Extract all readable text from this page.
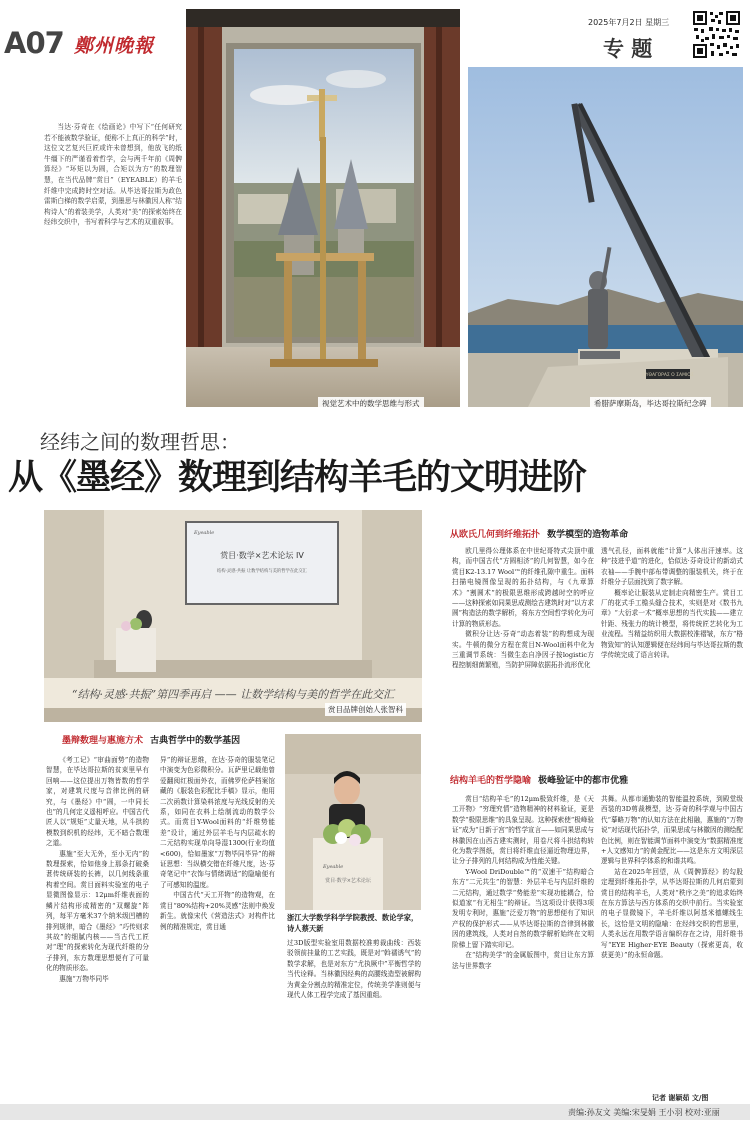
A07 鄭州晚報
2025年7月2日 星期三
专 题
当达·芬奇在《绘画论》中写下“任何研究若不能被数学验证，便称不上真正的科学”时，这位文艺复兴巨匠或许未曾想到，他放飞的纸牛缰下的严谨看着哲学，会与两千年前《周髀算经》“环矩以为圆，合矩以为方”的数理智慧，在当代品牌“赏目”（EYEABLE）的羊毛纤维中完成跨时空对话。从毕达哥拉斯为政色雷斯白梯的数学启蒙，到墨思与林徽因人称“结构诗人”的着装美学，人类对“美”的探索始终在经纬交织中，书写着科学与艺术的双重叙事。
视觉艺术中的数学思维与形式
ΠΥΘΑΓΟΡΑΣ Ο ΣΑΜΙΟΣ
希腊萨摩斯岛，毕达哥拉斯纪念碑
经纬之间的数理哲思：
从《墨经》数理到结构羊毛的文明进阶
Eyeable
赏目·数学×艺术论坛 IV
结构·灵感·共振 让数学结构与美的哲学在此交汇
“结构·灵感·共振”第四季再启 —— 让数学结构与美的哲学在此交汇
赏目品牌创始人张智科
从欧氏几何到纤维拓扑 数学模型的造物革命

欧几里得公理体系在中世纪哥特式尖顶中重构，而中国古代“方圆相济”的几何智慧，如今在赏目K2-13.17 Wool™的纤维孔隙中重生。面料扫描电镜图像呈现的拓扑结构，与《九章算术》“割圆术”的极限思维形成跨越时空的呼应——这种探索如同果思成测绘古建筑时对“以方求圆”构造法的数学解析，将东方空间哲学转化为可计算的物质形态。

微积分让达·芬奇“动态着装”的构想成为现实。牛顿的微分方程在赏目N-Wool面料中化为三重调节系统：当微生态自净因子按logistic方程控制细菌繁殖，当防护屏障依据拓扑流形优化

透气孔径，面料就能“计算”人体出汗速率。这种“技进乎道”的进化，恰似达·芬奇设计的新动式衣袖——手腕中部布带调整的服装机关，终于在纤维分子层面找到了数字解。

概率论让服装从定制走向精密生产。赏目工厂的花式手工檐头缝合技术，实则是对《数书九章》“大衍求一术”概率思想的当代实践——建立针距、残张力的统计模型，将传统匠艺转化为工业流程。当精益纺织用大数据校准褶皱，东方“格物致知”的认知逻辑便在经纬间与毕达哥拉斯的数学传统完成了语言转译。

墨辩数理与惠施方术 古典哲学中的数学基因

《考工记》“审曲面势”的造物智慧，在毕达哥拉斯的贫束里早有回响——这位提出万物皆数的哲学家，对建筑尺度与音律比例的研究，与《墨经》中“圆，一中同长也”的几何定义遥相呼应。中国古代匠人以“规矩”丈量天地，从斗拱的模数到织机的经纬，无不暗合数理之道。

惠施“至大无外，至小无内”的数理探索，恰如他身上那条打破桑葚传统研装的长裤，以几何线条重构着空间。赏目面料实验室的电子显微图像显示：12μm纤维表面的鳞片结构形成精密的“双螺旋”阵列，每平方毫米37个纳米级凹槽的排列规律，暗合《墨经》“巧传则求其故”的细腻内核——当古代工匠对“理”的探索转化为现代纤维的分子排列，东方数理思想便有了可量化的物质形态。

惠施“万物毕同毕

异”的辩证思维，在达·芬奇的服装笔记中演变为色彩微积分。瓦萨里记载他曾爱翻阅红极面外衣，而佛罗伦萨档案馆藏的《服装色彩配比手稿》显示，他用二次函数计算染料浓度与光线反射的关系，如同在衣料上绘制流动的数学公式。而赏目Y-Wool面料的“纤维势能差”设计，通过外层羊毛与内层疏水的二元结构实现单向导湿1300(行业均值<600)，恰如墨家“万物毕同毕异”的辩证思想：当纵横交错在纤维尺度，达·芬奇笔记中“衣饰与情绪调适”的隐喻便有了可感知的温度。

中国古代“天工开物”的造物观，在赏目“80%结构+20%灵感”法则中焕发新生。就像宋代《营造法式》对构件比例的精准规定，赏目通

Eyeable
赏目·数学×艺术论坛
浙江大学数学科学学院教授、数论学家，诗人蔡天新

过3D版型实验室用数据校准剪裁曲线：西装驳领前挂量的工艺实践，既是对“斡襦诱气”的数学求解，也是对东方“尤执厥中”平衡哲学的当代诠释。当林徽因经典的高腰线造型被解构为黄金分割点的精准定位，传统美学准则便与现代人体工程学完成了基因重组。

结构羊毛的哲学隐喻 极峰验证中的都市优雅

赏目“结构羊毛”的12μm极致纤维，是《天工开物》“穷理究情”造物精神的材料验证，更是数学“极限思维”的具象呈现。这种探索使“极峰验证”成为“日新于宫”的哲学宣言——如同果思成与林徽因在山西古建实测时，用卷尺将斗拱结构转化为数学图纸，赏目将纤维直径逼近物理边界，让分子排列的几何结构成为性能关键。

Y-Wool DriDouble™的“双速干”结构暗合东方“二元共生”的智慧：外层羊毛与内层纤维的二元结构，通过数学“势能差”实现功能耦合，恰似道家“有无相生”的辩证。当这项设计获得3项发明专利时，惠施“泛爱万物”的思想便有了知识产权的保护形式——从毕达哥拉斯的音律到林徽因的建筑线，人类对自然的数学解析始终在文明阶梯上留下踏实印记。

在“结构美学”的金属版图中，赏目让东方算法与世界数字

共舞。从都市通勤装的智能温控系统，到殿堂级西装的3D剪裁模型，达·芬奇的科学观与中国古代“摹略万物”的认知方法在此相融，惠施的“万物说”对话现代拓扑学，而果思成与林徽因的测绘配色比例，则在智能调节面料中演变为“数据精准度+人文感知力”的黄金配比——这是东方文明深层逻辑与世界科学体系的和谐共鸣。

站在2025年回望，从《周髀算经》的勾股定理到纤维拓扑学，从毕达哥拉斯的几何启蒙到赏目的结构羊毛，人类对“秩序之美”的追求始终在东方算法与西方体系的交织中前行。当实验室的电子显微镜下，羊毛纤维以阿基米德螺线生长，这恰是文明的隐喻：在经纬交织的哲思里，人类永远在用数学语言编织存在之诗，用纤维书写“EYE Higher·EYE Beauty（探索更高，收获更美）”的永恒命题。

记者 谢颖茹 文/图
责编:孙友文 美编:宋旻娟 王小羽 校对:亚丽
